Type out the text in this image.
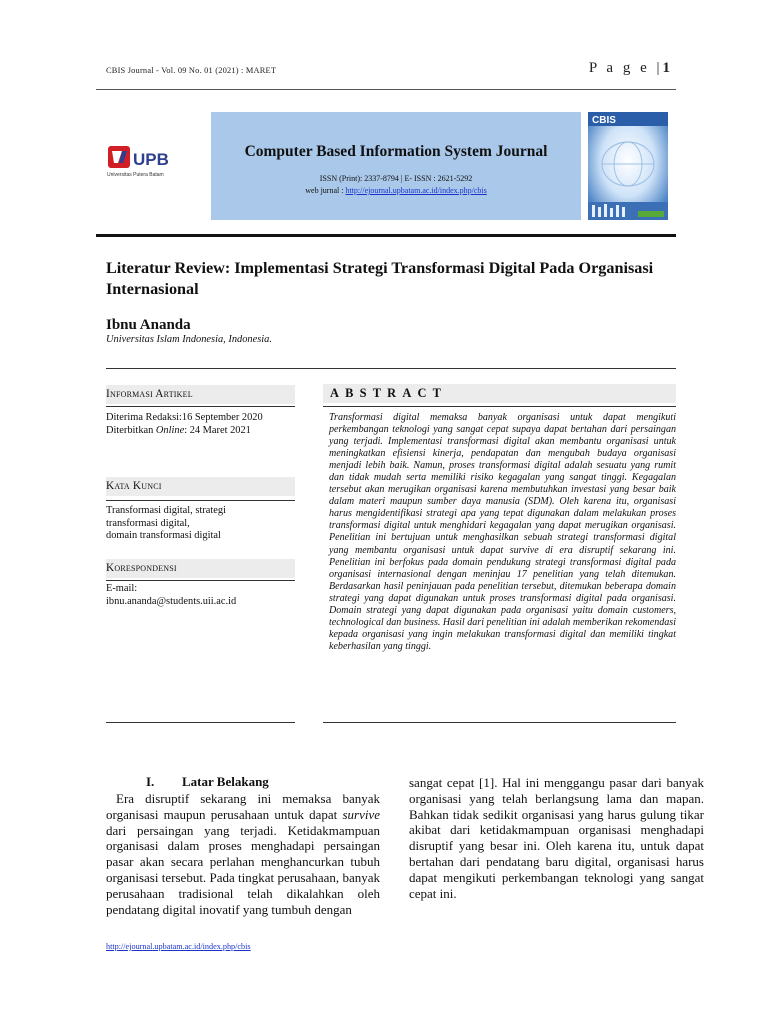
CBIS Journal - Vol. 09 No. 01 (2021) : MARET	P a g e |1
UPB
Universitas Putera Batam
Computer Based Information System Journal
ISSN (Print): 2337-8794 | E- ISSN : 2621-5292
web jurnal : http://ejournal.upbatam.ac.id/index.php/cbis
CBIS
Literatur Review: Implementasi Strategi Transformasi Digital Pada Organisasi Internasional
Ibnu Ananda
Universitas Islam Indonesia, Indonesia.
Informasi Artikel
Diterima Redaksi:16 September 2020
Diterbitkan Online: 24 Maret 2021
Kata Kunci
Transformasi digital, strategi
transformasi digital,
domain transformasi digital
Korespondensi
E-mail:
ibnu.ananda@students.uii.ac.id
ABSTRACT
Transformasi digital memaksa banyak organisasi untuk dapat mengikuti perkembangan teknologi yang sangat cepat supaya dapat bertahan dari persaingan yang terjadi. Implementasi transformasi digital akan membantu organisasi untuk meningkatkan efisiensi kinerja, pendapatan dan mengubah budaya organisasi menjadi lebih baik. Namun, proses transformasi digital adalah sesuatu yang rumit dan tidak mudah serta memiliki risiko kegagalan yang sangat tinggi. Kegagalan tersebut akan merugikan organisasi karena membutuhkan investasi yang besar baik dalam materi maupun sumber daya manusia (SDM). Oleh karena itu, organisasi harus mengidentifikasi strategi apa yang tepat digunakan dalam melakukan proses transformasi digital untuk menghidari kegagalan yang dapat merugikan organisasi. Penelitian ini bertujuan untuk menghasilkan sebuah strategi transformasi digital yang membantu organisasi untuk dapat survive di era disruptif sekarang ini. Penelitian ini berfokus pada domain pendukung strategi transformasi digital pada organisasi internasional dengan meninjau 17 penelitian yang telah ditemukan. Berdasarkan hasil peninjauan pada penelitian tersebut, ditemukan beberapa domain strategi yang dapat digunakan untuk proses transformasi digital pada organisasi. Domain strategi yang dapat digunakan pada organisasi yaitu domain customers, technological dan business. Hasil dari penelitian ini adalah memberikan rekomendasi kepada organisasi yang ingin melakukan transformasi digital dan memiliki tingkat keberhasilan yang tinggi.
I. Latar Belakang
Era disruptif sekarang ini memaksa banyak organisasi maupun perusahaan untuk dapat survive dari persaingan yang terjadi. Ketidakmampuan organisasi dalam proses menghadapi persaingan pasar akan secara perlahan menghancurkan tubuh organisasi tersebut. Pada tingkat perusahaan, banyak perusahaan tradisional telah dikalahkan oleh pendatang digital inovatif yang tumbuh dengan
sangat cepat [1]. Hal ini menggangu pasar dari banyak organisasi yang telah berlangsung lama dan mapan. Bahkan tidak sedikit organisasi yang harus gulung tikar akibat dari ketidakmampuan organisasi menghadapi disruptif yang besar ini. Oleh karena itu, untuk dapat bertahan dari pendatang baru digital, organisasi harus dapat mengikuti perkembangan teknologi yang sangat cepat ini.
http://ejournal.upbatam.ac.id/index.php/cbis
